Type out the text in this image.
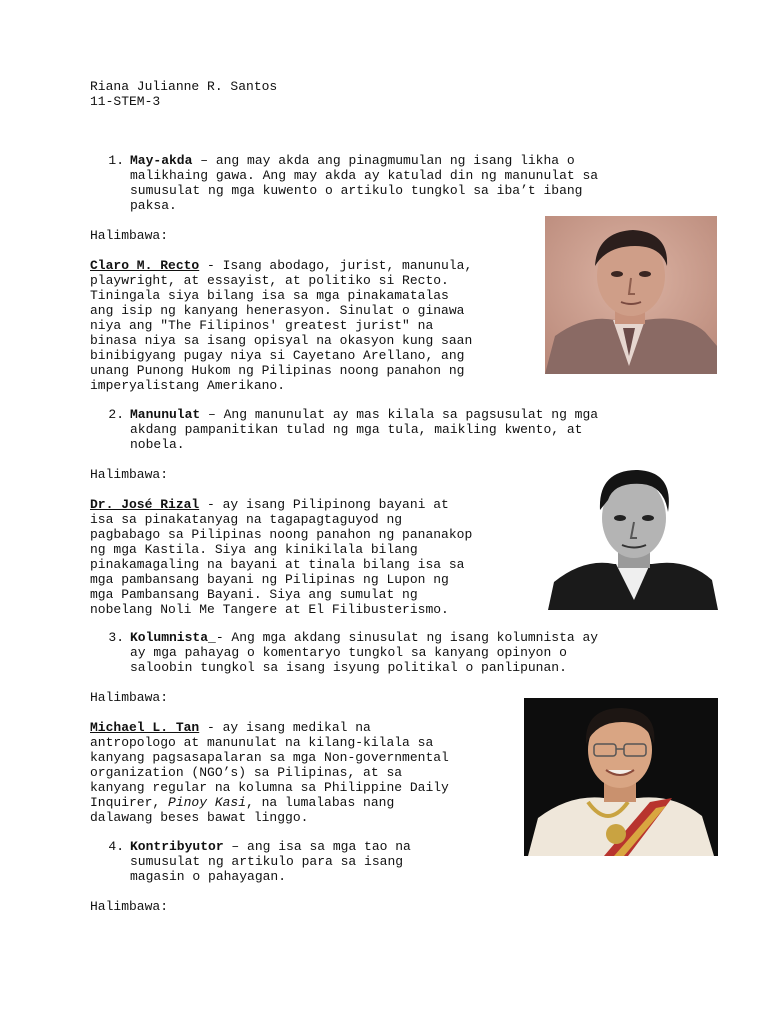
Riana Julianne R. Santos
11-STEM-3
1. May-akda – ang may akda ang pinagmumulan ng isang likha o
malikhaing gawa. Ang may akda ay katulad din ng manunulat sa
sumusulat ng mga kuwento o artikulo tungkol sa iba’t ibang
paksa.
Halimbawa:
Claro M. Recto - Isang abodago, jurist, manunula,
playwright, at essayist, at politiko si Recto.
Tiningala siya bilang isa sa mga pinakamatalas
ang isip ng kanyang henerasyon. Sinulat o ginawa
niya ang "The Filipinos' greatest jurist" na
binasa niya sa isang opisyal na okasyon kung saan
binibigyang pugay niya si Cayetano Arellano, ang
unang Punong Hukom ng Pilipinas noong panahon ng
imperyalistang Amerikano.
2. Manunulat – Ang manunulat ay mas kilala sa pagsusulat ng mga
akdang pampanitikan tulad ng mga tula, maikling kwento, at
nobela.
Halimbawa:
Dr. José Rizal - ay isang Pilipinong bayani at
isa sa pinakatanyag na tagapagtaguyod ng
pagbabago sa Pilipinas noong panahon ng pananakop
ng mga Kastila. Siya ang kinikilala bilang
pinakamagaling na bayani at tinala bilang isa sa
mga pambansang bayani ng Pilipinas ng Lupon ng
mga Pambansang Bayani. Siya ang sumulat ng
nobelang Noli Me Tangere at El Filibusterismo.
3. Kolumnista_- Ang mga akdang sinusulat ng isang kolumnista ay
ay mga pahayag o komentaryo tungkol sa kanyang opinyon o
saloobin tungkol sa isang isyung politikal o panlipunan.
Halimbawa:
Michael L. Tan - ay isang medikal na
antropologo at manunulat na kilang-kilala sa
kanyang pagsasapalaran sa mga Non-governmental
organization (NGO’s) sa Pilipinas, at sa
kanyang regular na kolumna sa Philippine Daily
Inquirer, Pinoy Kasi, na lumalabas nang
dalawang beses bawat linggo.
4. Kontribyutor – ang isa sa mga tao na
sumusulat ng artikulo para sa isang
magasin o pahayagan.
Halimbawa:
